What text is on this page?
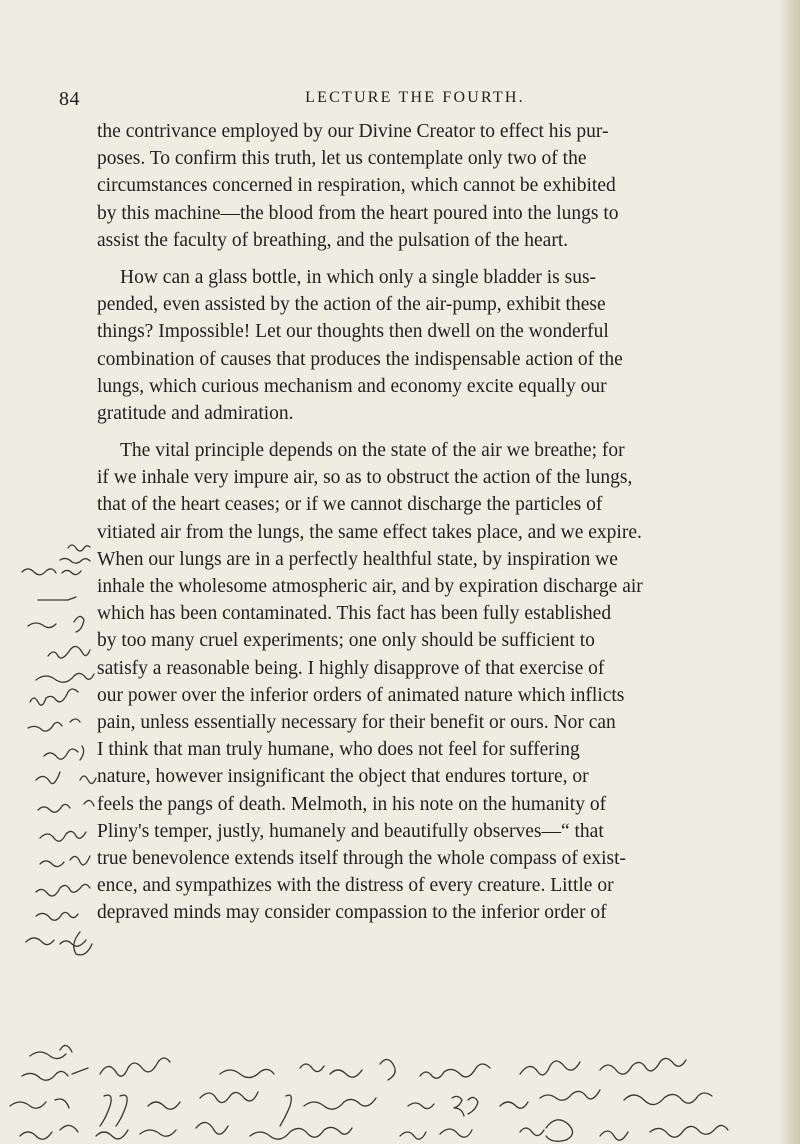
84	LECTURE THE FOURTH.

the contrivance employed by our Divine Creator to effect his pur-
poses. To confirm this truth, let us contemplate only two of the
circumstances concerned in respiration, which cannot be exhibited
by this machine—the blood from the heart poured into the lungs to
assist the faculty of breathing, and the pulsation of the heart.

How can a glass bottle, in which only a single bladder is sus-
pended, even assisted by the action of the air-pump, exhibit these
things? Impossible! Let our thoughts then dwell on the wonderful
combination of causes that produces the indispensable action of the
lungs, which curious mechanism and economy excite equally our
gratitude and admiration.

The vital principle depends on the state of the air we breathe; for
if we inhale very impure air, so as to obstruct the action of the lungs,
that of the heart ceases; or if we cannot discharge the particles of
vitiated air from the lungs, the same effect takes place, and we expire.
When our lungs are in a perfectly healthful state, by inspiration we
inhale the wholesome atmospheric air, and by expiration discharge air
which has been contaminated. This fact has been fully established
by too many cruel experiments; one only should be sufficient to
satisfy a reasonable being. I highly disapprove of that exercise of
our power over the inferior orders of animated nature which inflicts
pain, unless essentially necessary for their benefit or ours. Nor can
I think that man truly humane, who does not feel for suffering
nature, however insignificant the object that endures torture, or
feels the pangs of death. Melmoth, in his note on the humanity of
Pliny's temper, justly, humanely and beautifully observes—“ that
true benevolence extends itself through the whole compass of exist-
ence, and sympathizes with the distress of every creature. Little or
depraved minds may consider compassion to the inferior order of
